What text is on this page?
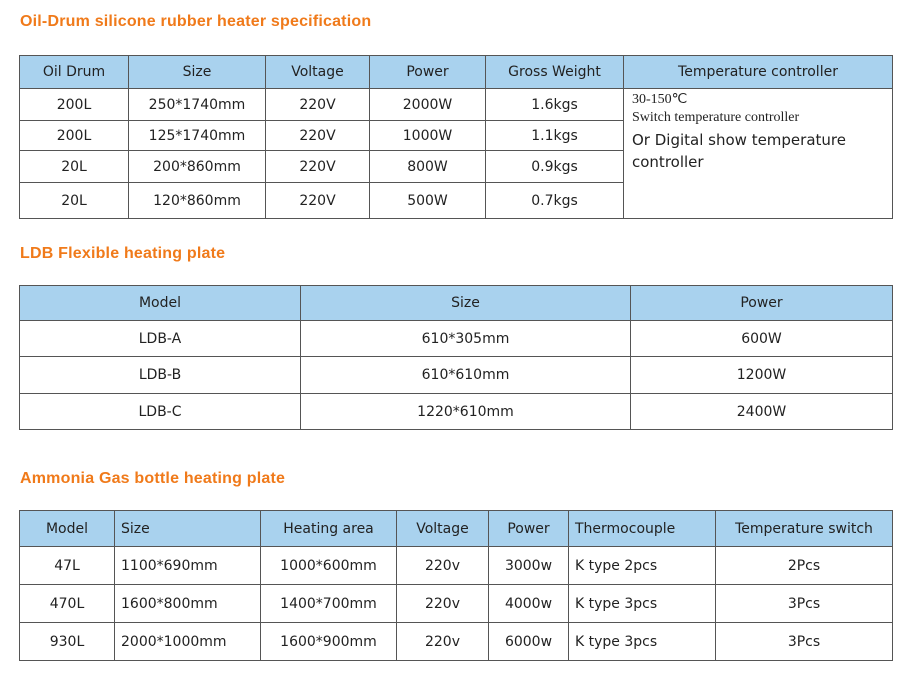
Oil-Drum silicone rubber heater specification
Oil Drum	Size	Voltage	Power	Gross Weight	Temperature controller
200L	250*1740mm	220V	2000W	1.6kgs	30-150℃
Switch temperature controller
Or Digital show temperature controller

200L	125*1740mm	220V	1000W	1.1kgs	
20L	200*860mm	220V	800W	0.9kgs	
20L	120*860mm	220V	500W	0.7kgs	
LDB Flexible heating plate
Model	Size	Power
LDB-A	610*305mm	600W
LDB-B	610*610mm	1200W
LDB-C	1220*610mm	2400W
Ammonia Gas bottle heating plate
Model	Size	Heating area	Voltage	Power	Thermocouple	Temperature switch
47L	1100*690mm	1000*600mm	220v	3000w	K type 2pcs	2Pcs
470L	1600*800mm	1400*700mm	220v	4000w	K type 3pcs	3Pcs
930L	2000*1000mm	1600*900mm	220v	6000w	K type 3pcs	3Pcs
